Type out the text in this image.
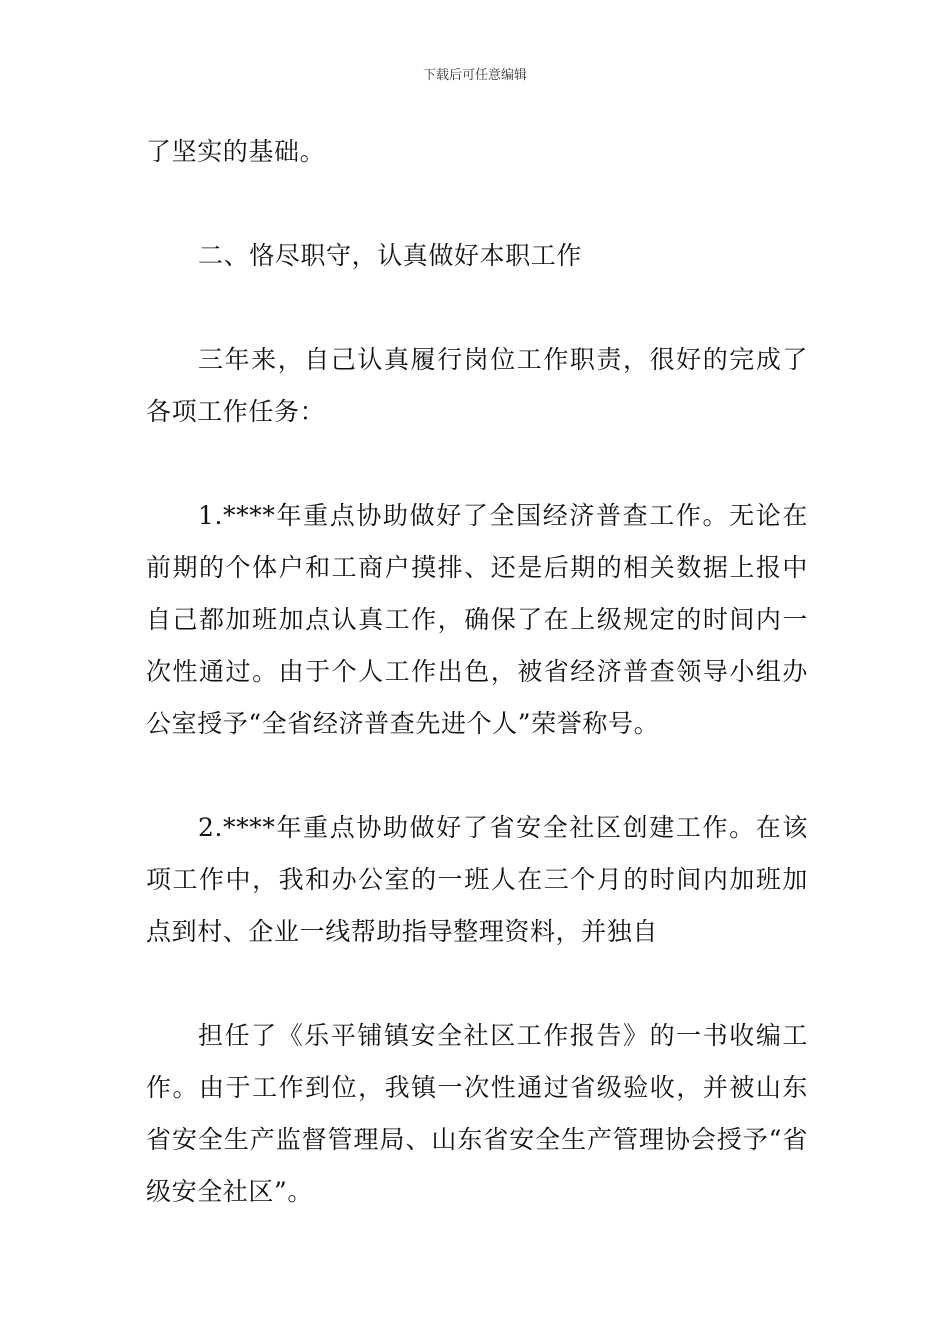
下载后可任意编辑

了坚实的基础。

二、恪尽职守，认真做好本职工作

三年来，自己认真履行岗位工作职责，很好的完成了各项工作任务：

1.****年重点协助做好了全国经济普查工作。无论在前期的个体户和工商户摸排、还是后期的相关数据上报中自己都加班加点认真工作，确保了在上级规定的时间内一次性通过。由于个人工作出色，被省经济普查领导小组办公室授予“全省经济普查先进个人”荣誉称号。

2.****年重点协助做好了省安全社区创建工作。在该项工作中，我和办公室的一班人在三个月的时间内加班加点到村、企业一线帮助指导整理资料，并独自

担任了《乐平铺镇安全社区工作报告》的一书收编工作。由于工作到位，我镇一次性通过省级验收，并被山东省安全生产监督管理局、山东省安全生产管理协会授予“省级安全社区”。
